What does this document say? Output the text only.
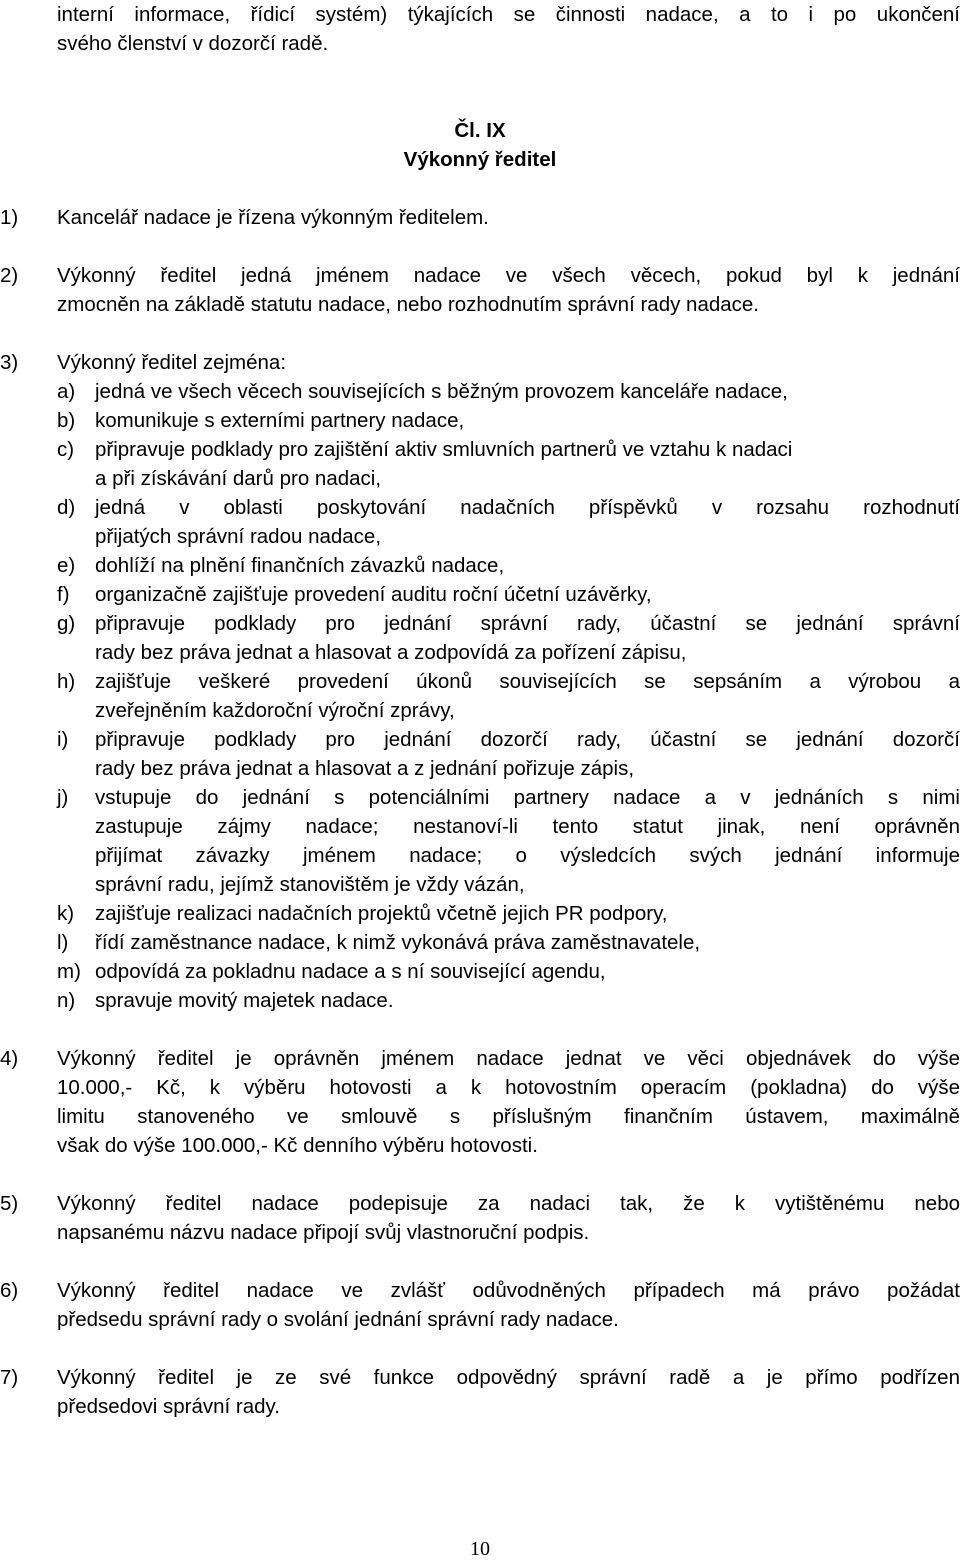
interní informace, řídicí systém) týkajících se činnosti nadace, a to i po ukončení
svého členství v dozorčí radě.
Čl. IX
Výkonný ředitel
1) Kancelář nadace je řízena výkonným ředitelem.
2) Výkonný ředitel jedná jménem nadace ve všech věcech, pokud byl k jednání
zmocněn na základě statutu nadace, nebo rozhodnutím správní rady nadace.
3) Výkonný ředitel zejména:
a) jedná ve všech věcech souvisejících s běžným provozem kanceláře nadace,
b) komunikuje s externími partnery nadace,
c) připravuje podklady pro zajištění aktiv smluvních partnerů ve vztahu k nadaci
a při získávání darů pro nadaci,
d) jedná v oblasti poskytování nadačních příspěvků v rozsahu rozhodnutí
přijatých správní radou nadace,
e) dohlíží na plnění finančních závazků nadace,
f) organizačně zajišťuje provedení auditu roční účetní uzávěrky,
g) připravuje podklady pro jednání správní rady, účastní se jednání správní
rady bez práva jednat a hlasovat a zodpovídá za pořízení zápisu,
h) zajišťuje veškeré provedení úkonů souvisejících se sepsáním a výrobou a
zveřejněním každoroční výroční zprávy,
i) připravuje podklady pro jednání dozorčí rady, účastní se jednání dozorčí
rady bez práva jednat a hlasovat a z jednání pořizuje zápis,
j) vstupuje do jednání s potenciálními partnery nadace a v jednáních s nimi
zastupuje zájmy nadace; nestanoví-li tento statut jinak, není oprávněn
přijímat závazky jménem nadace; o výsledcích svých jednání informuje
správní radu, jejímž stanovištěm je vždy vázán,
k) zajišťuje realizaci nadačních projektů včetně jejich PR podpory,
l) řídí zaměstnance nadace, k nimž vykonává práva zaměstnavatele,
m) odpovídá za pokladnu nadace a s ní související agendu,
n) spravuje movitý majetek nadace.
4) Výkonný ředitel je oprávněn jménem nadace jednat ve věci objednávek do výše
10.000,- Kč, k výběru hotovosti a k hotovostním operacím (pokladna) do výše
limitu stanoveného ve smlouvě s příslušným finančním ústavem, maximálně
však do výše 100.000,- Kč denního výběru hotovosti.
5) Výkonný ředitel nadace podepisuje za nadaci tak, že k vytištěnému nebo
napsanému názvu nadace připojí svůj vlastnoruční podpis.
6) Výkonný ředitel nadace ve zvlášť odůvodněných případech má právo požádat
předsedu správní rady o svolání jednání správní rady nadace.
7) Výkonný ředitel je ze své funkce odpovědný správní radě a je přímo podřízen
předsedovi správní rady.
10
